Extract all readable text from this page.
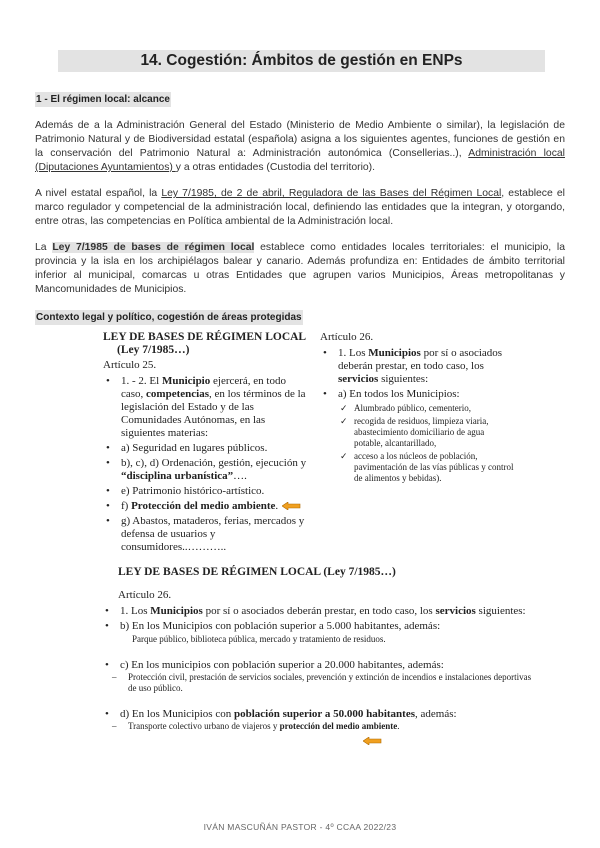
14. Cogestión: Ámbitos de gestión en ENPs
1 - El régimen local: alcance

Además de a la Administración General del Estado (Ministerio de Medio Ambiente o similar), la legislación de Patrimonio Natural y de Biodiversidad estatal (española) asigna a los siguientes agentes, funciones de gestión en la conservación del Patrimonio Natural a: Administración autonómica (Consellerias..), Administración local (Diputaciones Ayuntamientos) y a otras entidades (Custodia del territorio).

A nivel estatal español, la Ley 7/1985, de 2 de abril, Reguladora de las Bases del Régimen Local, establece el marco regulador y competencial de la administración local, definiendo las entidades que la integran, y otorgando, entre otras, las competencias en Política ambiental de la Administración local.

La Ley 7/1985 de bases de régimen local establece como entidades locales territoriales: el municipio, la provincia y la isla en los archipiélagos balear y canario. Además profundiza en: Entidades de ámbito territorial inferior al municipal, comarcas u otras Entidades que agrupen varios Municipios, Áreas metropolitanas y Mancomunidades de Municipios.

Contexto legal y político, cogestión de áreas protegidas
LEY DE BASES DE RÉGIMEN LOCAL
(Ley 7/1985…)
Artículo 25.
• 1. - 2. El Municipio ejercerá, en todo caso, competencias, en los términos de la legislación del Estado y de las Comunidades Autónomas, en las siguientes materias:
• a) Seguridad en lugares públicos.
• b), c), d) Ordenación, gestión, ejecución y “disciplina urbanística”….
• e) Patrimonio histórico-artístico.
• f) Protección del medio ambiente.
• g) Abastos, mataderos, ferias, mercados y defensa de usuarios y consumidores..………..
Artículo 26.
• 1. Los Municipios por sí o asociados deberán prestar, en todo caso, los servicios siguientes:
• a) En todos los Municipios:
✓ Alumbrado público, cementerio,
✓ recogida de residuos, limpieza viaria, abastecimiento domiciliario de agua potable, alcantarillado,
✓ acceso a los núcleos de población, pavimentación de las vías públicas y control de alimentos y bebidas).
LEY DE BASES DE RÉGIMEN LOCAL (Ley 7/1985…)
Artículo 26.
• 1. Los Municipios por sí o asociados deberán prestar, en todo caso, los servicios siguientes:
• b) En los Municipios con población superior a 5.000 habitantes, además:
Parque público, biblioteca pública, mercado y tratamiento de residuos.
• c) En los municipios con población superior a 20.000 habitantes, además:
– Protección civil, prestación de servicios sociales, prevención y extinción de incendios e instalaciones deportivas de uso público.
• d) En los Municipios con población superior a 50.000 habitantes, además:
– Transporte colectivo urbano de viajeros y protección del medio ambiente.
IVÁN MASCUÑÁN PASTOR - 4º CCAA 2022/23
